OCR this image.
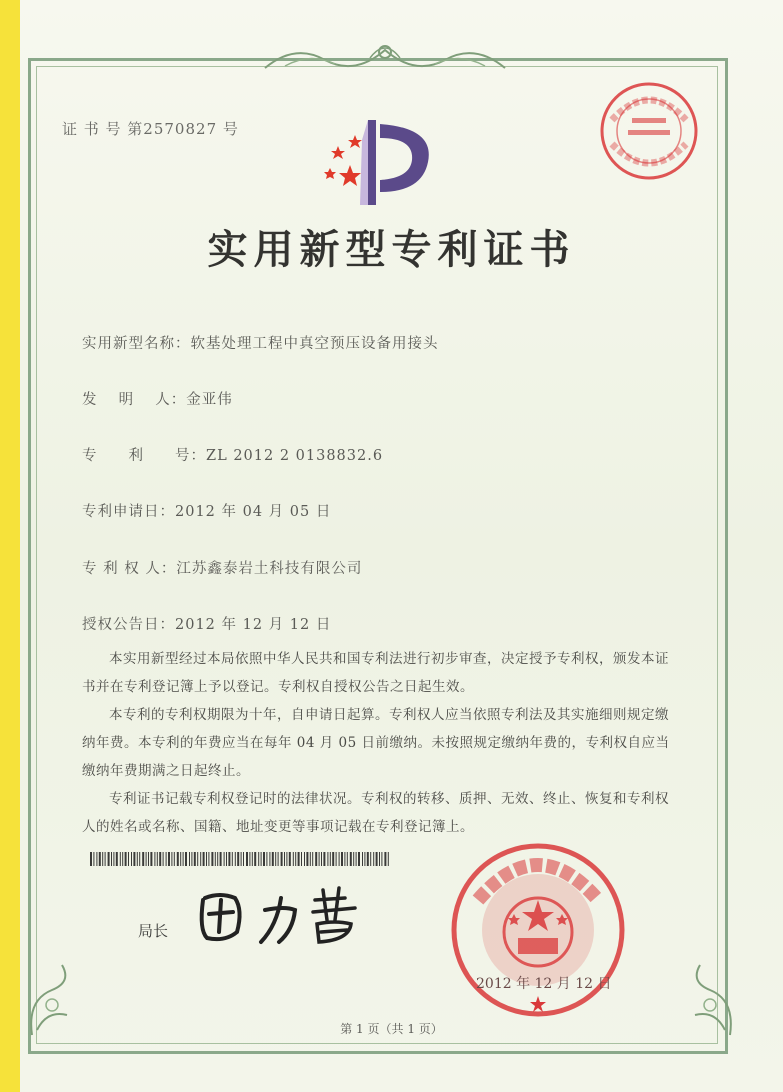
证 书 号 第2570827 号
实用新型专利证书
实用新型名称：软基处理工程中真空预压设备用接头
发　 明 　人：金亚伟
专　　利　　号：ZL 2012 2 0138832.6
专利申请日：2012 年 04 月 05 日
专 利 权 人：江苏鑫泰岩土科技有限公司
授权公告日：2012 年 12 月 12 日

本实用新型经过本局依照中华人民共和国专利法进行初步审查，决定授予专利权，颁发本证书并在专利登记簿上予以登记。专利权自授权公告之日起生效。

本专利的专利权期限为十年，自申请日起算。专利权人应当依照专利法及其实施细则规定缴纳年费。本专利的年费应当在每年 04 月 05 日前缴纳。未按照规定缴纳年费的，专利权自应当缴纳年费期满之日起终止。

专利证书记载专利权登记时的法律状况。专利权的转移、质押、无效、终止、恢复和专利权人的姓名或名称、国籍、地址变更等事项记载在专利登记簿上。

局长
2012 年 12 月 12 日
第 1 页（共 1 页）
